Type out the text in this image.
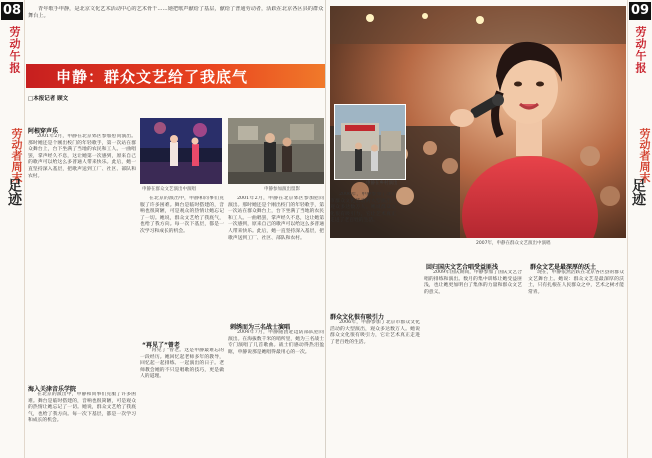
08
劳动午报
劳动者周末
足迹
青年歌手申静，是北京文化艺术活动中心的艺术骨干……她把歌声献给了基层，献给了普通劳动者，活跃在北京各区县的群众舞台上。
申静：群众文艺给了我底气
□本报记者 顾文
申静在群众文艺演出中演唱	申静参加演出留影
阿根穿声乐

2001年2月，申静在北京郊区参加慰问演出。那时她还是个刚出校门的年轻歌手，第一次站在群众舞台上，台下坐满了当地的农民和工人。一曲唱罢，掌声经久不息，这让她第一次感到，原来自己的歌声可以给这么多普通人带来快乐。此后，她一直坚持深入基层，把歌声送到工厂、社区、部队和农村。

海入关津音乐学院

在北京的演出中，申静和同事们克服了许多困难。舞台是临时搭建的，音响也很简陋，可是观众的热情让她忘记了一切。她说，群众文艺给了我底气，也给了我方向。每一次下基层，都是一次学习和成长的机会。

在北京的演出中，申静和同事们克服了许多困难。舞台是临时搭建的，音响也很简陋，可是观众的热情让她忘记了一切。她说，群众文艺给了我底气，也给了我方向。每一次下基层，都是一次学习和成长的机会。

“再见了”曾老

“再见了”曾老。这是申静最难忘的一段经历。她回忆起老师多年的教导，回忆起一起排练、一起演出的日子。老师教会她的不只是唱歌的技巧，更是做人的道理。

2001年2月，申静在北京郊区参加慰问演出。那时她还是个刚出校门的年轻歌手，第一次站在群众舞台上，台下坐满了当地的农民和工人。一曲唱罢，掌声经久不息，这让她第一次感到，原来自己的歌声可以给这么多普通人带来快乐。此后，她一直坚持深入基层，把歌声送到工厂、社区、部队和农村。

刺绣而为三名战士演唱

2004年7月，申静随团赴边防部队慰问演出。在海拔数千米的哨所里，她为三名战士专门演唱了几首歌曲。战士们感动得热泪盈眶，申静说那是她唱得最用心的一次。

09
劳动午报
劳动者周末
足迹
2007年，申静在群众文艺演出中演唱
申静在乡村演出
群众文化很有吸引力

2006年，申静参加了北京市群众文化活动的大型演出，观众多达数万人。她说群众文化很有吸引力，它让艺术真正走进了老百姓的生活。

2006年，申静参加了北京市群众文化活动的大型演出，观众多达数万人。她说群众文化很有吸引力，它让艺术真正走进了老百姓的生活。

回归国庆文艺合唱受益匪浅

2009年国庆期间，申静参加了国庆文艺合唱的排练和演出。数月的集中训练让她受益匪浅，也让她更加明白了集体的力量和群众文艺的意义。

群众文艺是最深厚的沃土

现在，申静依然活跃在北京各区县的群众文艺舞台上。她说：群众文艺是最深厚的沃土，只有扎根在人民群众之中，艺术之树才能常青。
